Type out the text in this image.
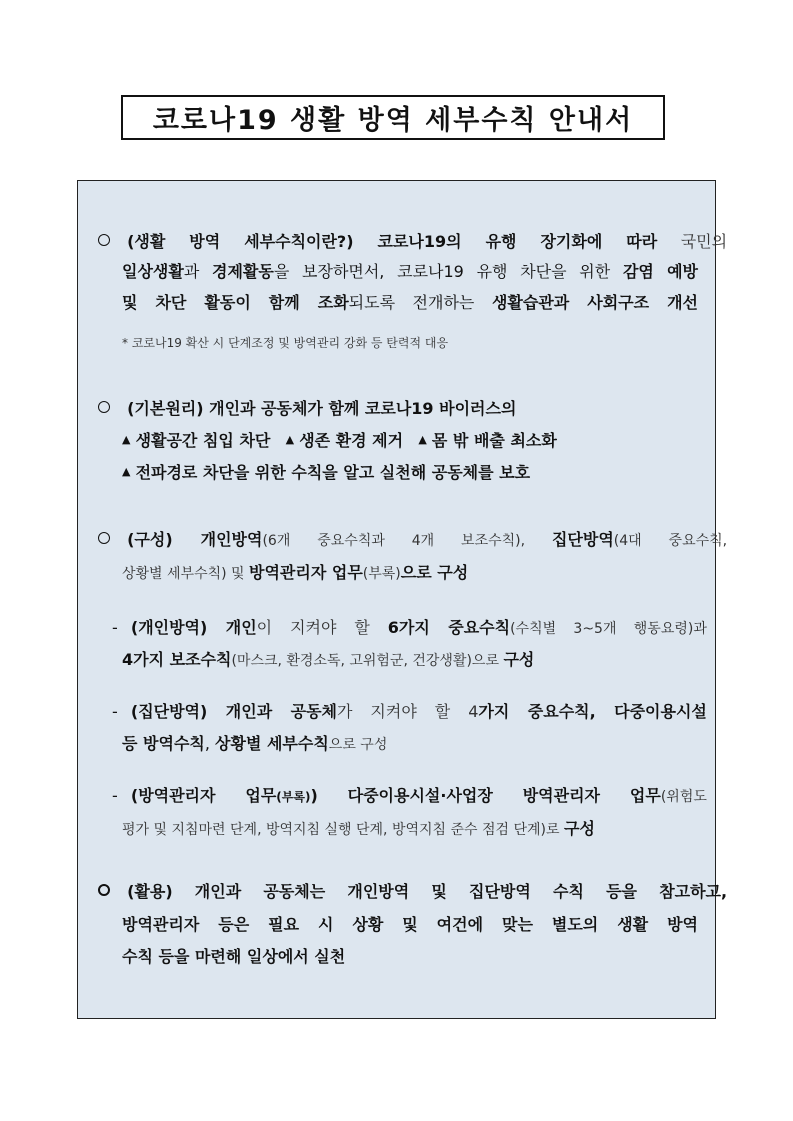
코로나19 생활 방역 세부수칙 안내서
(생활 방역 세부수칙이란?) 코로나19의 유행 장기화에 따라 국민의
일상생활과 경제활동을 보장하면서, 코로나19 유행 차단을 위한 감염 예방
및 차단 활동이 함께 조화되도록 전개하는 생활습관과 사회구조 개선
* 코로나19 확산 시 단계조정 및 방역관리 강화 등 탄력적 대응
(기본원리) 개인과 공동체가 함께 코로나19 바이러스의
▲ 생활공간 침입 차단 ▲ 생존 환경 제거 ▲ 몸 밖 배출 최소화
▲ 전파경로 차단을 위한 수칙을 알고 실천해 공동체를 보호
(구성) 개인방역(6개 중요수칙과 4개 보조수칙), 집단방역(4대 중요수칙,
상황별 세부수칙) 및 방역관리자 업무(부록)으로 구성
- (개인방역) 개인이 지켜야 할 6가지 중요수칙(수칙별 3~5개 행동요령)과
4가지 보조수칙(마스크, 환경소독, 고위험군, 건강생활)으로 구성
- (집단방역) 개인과 공동체가 지켜야 할 4가지 중요수칙, 다중이용시설
등 방역수칙, 상황별 세부수칙으로 구성
- (방역관리자 업무(부록)) 다중이용시설·사업장 방역관리자 업무(위험도
평가 및 지침마련 단계, 방역지침 실행 단계, 방역지침 준수 점검 단계)로 구성
(활용) 개인과 공동체는 개인방역 및 집단방역 수칙 등을 참고하고,
방역관리자 등은 필요 시 상황 및 여건에 맞는 별도의 생활 방역
수칙 등을 마련해 일상에서 실천
